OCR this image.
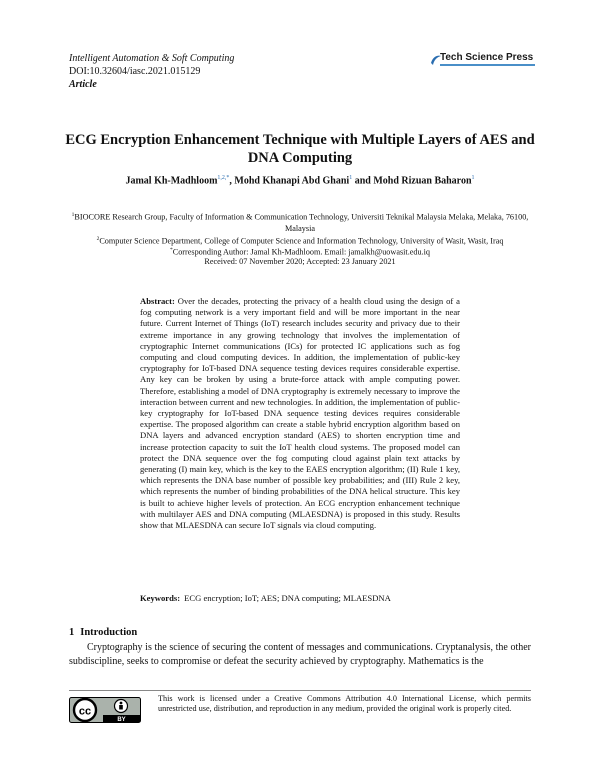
Intelligent Automation & Soft Computing
DOI:10.32604/iasc.2021.015129
Article
Tech Science Press
ECG Encryption Enhancement Technique with Multiple Layers of AES and DNA Computing
Jamal Kh-Madhloom$^{1,2,*}$, Mohd Khanapi Abd Ghani$^1$ and Mohd Rizuan Baharon$^1$
$^1$BIOCORE Research Group, Faculty of Information & Communication Technology, Universiti Teknikal Malaysia Melaka, Melaka, 76100, Malaysia
$^2$Computer Science Department, College of Computer Science and Information Technology, University of Wasit, Wasit, Iraq
*Corresponding Author: Jamal Kh-Madhloom. Email: jamalkh@uowasit.edu.iq
Received: 07 November 2020; Accepted: 23 January 2021
Abstract: Over the decades, protecting the privacy of a health cloud using the design of a fog computing network is a very important field and will be more important in the near future. Current Internet of Things (IoT) research includes security and privacy due to their extreme importance in any growing technology that involves the implementation of cryptographic Internet communications (ICs) for protected IC applications such as fog computing and cloud computing devices. In addition, the implementation of public-key cryptography for IoT-based DNA sequence testing devices requires considerable expertise. Any key can be broken by using a brute-force attack with ample computing power. Therefore, establishing a model of DNA cryptography is extremely necessary to improve the interaction between current and new technologies. In addition, the implementation of public-key cryptography for IoT-based DNA sequence testing devices requires considerable expertise. The proposed algorithm can create a stable hybrid encryption algorithm based on DNA layers and advanced encryption standard (AES) to shorten encryption time and increase protection capacity to suit the IoT health cloud systems. The proposed model can protect the DNA sequence over the fog computing cloud against plain text attacks by generating (I) main key, which is the key to the EAES encryption algorithm; (II) Rule 1 key, which represents the DNA base number of possible key probabilities; and (III) Rule 2 key, which represents the number of binding probabilities of the DNA helical structure. This key is built to achieve higher levels of protection. An ECG encryption enhancement technique with multilayer AES and DNA computing (MLAESDNA) is proposed in this study. Results show that MLAESDNA can secure IoT signals via cloud computing.
Keywords: ECG encryption; IoT; AES; DNA computing; MLAESDNA
1 Introduction
Cryptography is the science of securing the content of messages and communications. Cryptanalysis, the other subdiscipline, seeks to compromise or defeat the security achieved by cryptography. Mathematics is the
cc
BY
This work is licensed under a Creative Commons Attribution 4.0 International License, which permits unrestricted use, distribution, and reproduction in any medium, provided the original work is properly cited.
